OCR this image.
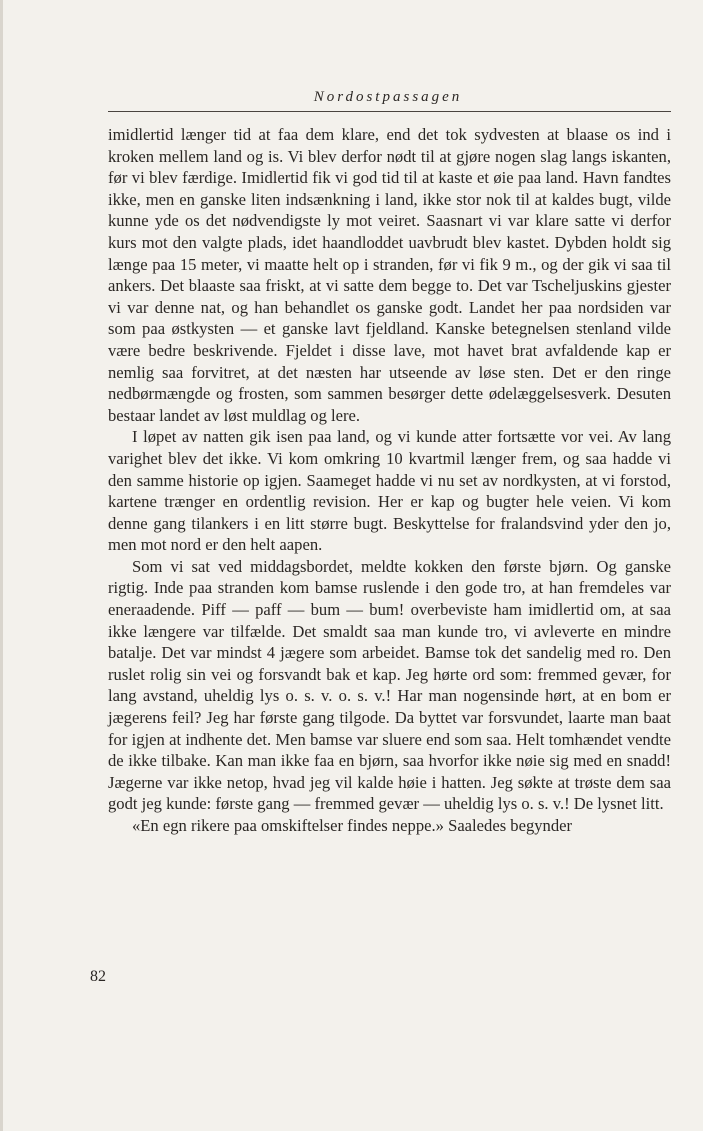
Nordostpassagen

imidlertid længer tid at faa dem klare, end det tok sydvesten at blaase os ind i kroken mellem land og is. Vi blev derfor nødt til at gjøre nogen slag langs iskanten, før vi blev færdige. Imidlertid fik vi god tid til at kaste et øie paa land. Havn fandtes ikke, men en ganske liten indsænkning i land, ikke stor nok til at kaldes bugt, vilde kunne yde os det nødvendigste ly mot veiret. Saasnart vi var klare satte vi derfor kurs mot den valgte plads, idet haandloddet uavbrudt blev kastet. Dybden holdt sig længe paa 15 meter, vi maatte helt op i stranden, før vi fik 9 m., og der gik vi saa til ankers. Det blaaste saa friskt, at vi satte dem begge to. Det var Tscheljuskins gjester vi var denne nat, og han behandlet os ganske godt. Landet her paa nordsiden var som paa østkysten — et ganske lavt fjeldland. Kanske betegnelsen stenland vilde være bedre beskrivende. Fjeldet i disse lave, mot havet brat avfaldende kap er nemlig saa forvitret, at det næsten har utseende av løse sten. Det er den ringe nedbørmængde og frosten, som sammen besørger dette ødelæggelsesverk. Desuten bestaar landet av løst muldlag og lere.

I løpet av natten gik isen paa land, og vi kunde atter fortsætte vor vei. Av lang varighet blev det ikke. Vi kom omkring 10 kvartmil længer frem, og saa hadde vi den samme historie op igjen. Saameget hadde vi nu set av nordkysten, at vi forstod, kartene trænger en ordentlig revision. Her er kap og bugter hele veien. Vi kom denne gang tilankers i en litt større bugt. Beskyttelse for fralandsvind yder den jo, men mot nord er den helt aapen.

Som vi sat ved middagsbordet, meldte kokken den første bjørn. Og ganske rigtig. Inde paa stranden kom bamse ruslende i den gode tro, at han fremdeles var eneraadende. Piff — paff — bum — bum! overbeviste ham imidlertid om, at saa ikke længere var tilfælde. Det smaldt saa man kunde tro, vi avleverte en mindre batalje. Det var mindst 4 jægere som arbeidet. Bamse tok det sandelig med ro. Den ruslet rolig sin vei og forsvandt bak et kap. Jeg hørte ord som: fremmed gevær, for lang avstand, uheldig lys o. s. v. o. s. v.! Har man nogensinde hørt, at en bom er jægerens feil? Jeg har første gang tilgode. Da byttet var forsvundet, laarte man baat for igjen at indhente det. Men bamse var sluere end som saa. Helt tomhændet vendte de ikke tilbake. Kan man ikke faa en bjørn, saa hvorfor ikke nøie sig med en snadd! Jægerne var ikke netop, hvad jeg vil kalde høie i hatten. Jeg søkte at trøste dem saa godt jeg kunde: første gang — fremmed gevær — uheldig lys o. s. v.! De lysnet litt.

«En egn rikere paa omskiftelser findes neppe.» Saaledes begynder

82
